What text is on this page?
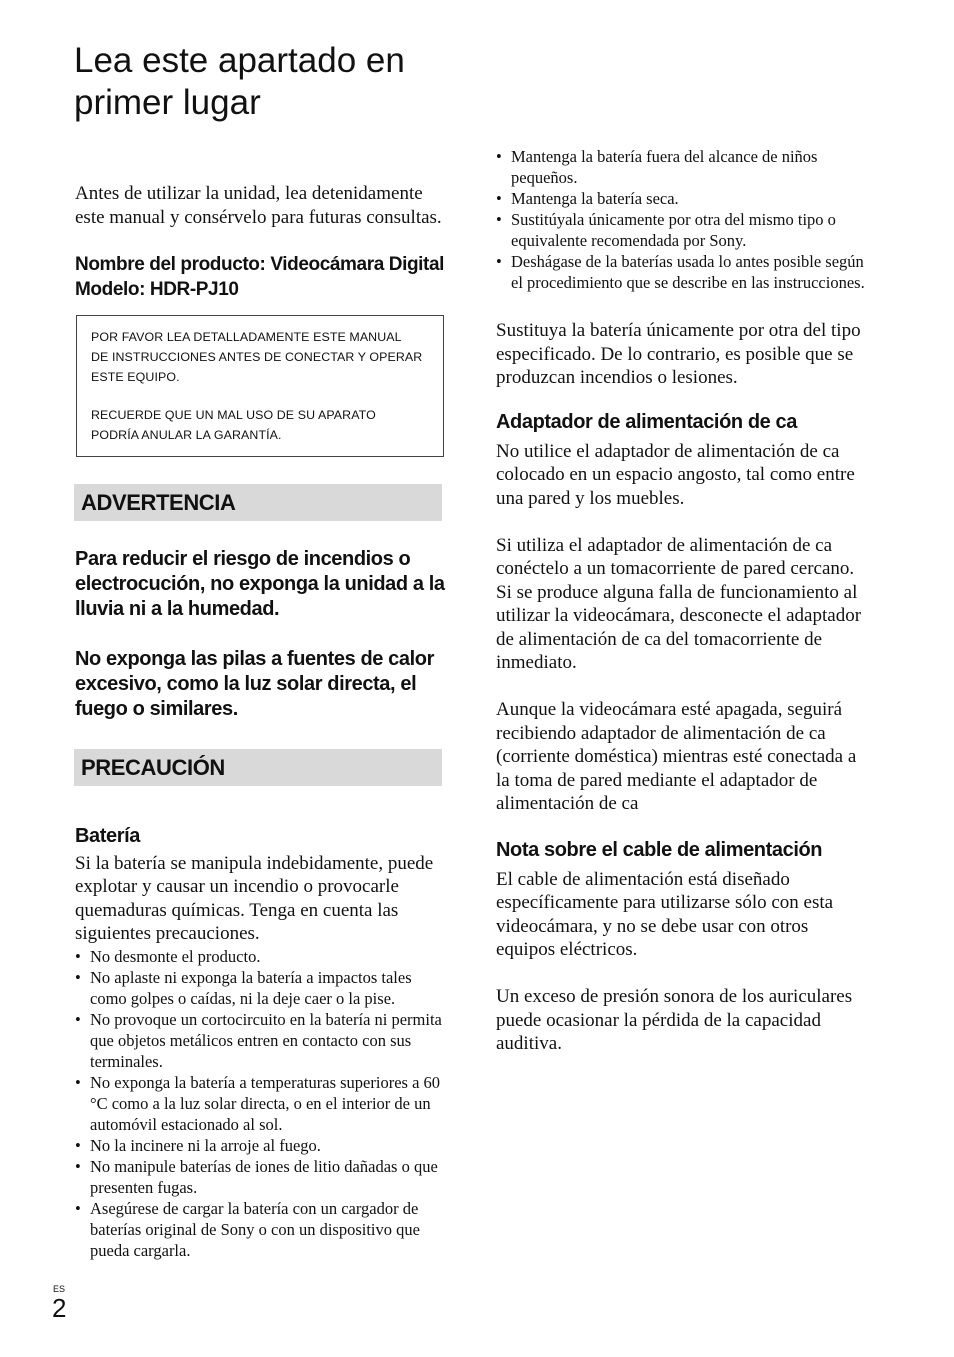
Lea este apartado en
primer lugar

Antes de utilizar la unidad, lea detenidamente este manual y consérvelo para futuras consultas.

Nombre del producto: Videocámara Digital
Modelo: HDR-PJ10
POR FAVOR LEA DETALLADAMENTE ESTE MANUAL
DE INSTRUCCIONES ANTES DE CONECTAR Y OPERAR
ESTE EQUIPO.
RECUERDE QUE UN MAL USO DE SU APARATO
PODRÍA ANULAR LA GARANTÍA.
ADVERTENCIA

Para reducir el riesgo de incendios o electrocución, no exponga la unidad a la lluvia ni a la humedad.

No exponga las pilas a fuentes de calor excesivo, como la luz solar directa, el fuego o similares.

PRECAUCIÓN
Batería

Si la batería se manipula indebidamente, puede explotar y causar un incendio o provocarle quemaduras químicas. Tenga en cuenta las siguientes precauciones.

• No desmonte el producto.
• No aplaste ni exponga la batería a impactos tales como golpes o caídas, ni la deje caer o la pise.
• No provoque un cortocircuito en la batería ni permita que objetos metálicos entren en contacto con sus terminales.
• No exponga la batería a temperaturas superiores a 60 °C como a la luz solar directa, o en el interior de un automóvil estacionado al sol.
• No la incinere ni la arroje al fuego.
• No manipule baterías de iones de litio dañadas o que presenten fugas.
• Asegúrese de cargar la batería con un cargador de baterías original de Sony o con un dispositivo que pueda cargarla.
• Mantenga la batería fuera del alcance de niños pequeños.
• Mantenga la batería seca.
• Sustitúyala únicamente por otra del mismo tipo o equivalente recomendada por Sony.
• Deshágase de la baterías usada lo antes posible según el procedimiento que se describe en las instrucciones.

Sustituya la batería únicamente por otra del tipo especificado. De lo contrario, es posible que se produzcan incendios o lesiones.

Adaptador de alimentación de ca

No utilice el adaptador de alimentación de ca colocado en un espacio angosto, tal como entre una pared y los muebles.

Si utiliza el adaptador de alimentación de ca conéctelo a un tomacorriente de pared cercano. Si se produce alguna falla de funcionamiento al utilizar la videocámara, desconecte el adaptador de alimentación de ca del tomacorriente de inmediato.

Aunque la videocámara esté apagada, seguirá recibiendo adaptador de alimentación de ca (corriente doméstica) mientras esté conectada a la toma de pared mediante el adaptador de alimentación de ca

Nota sobre el cable de alimentación

El cable de alimentación está diseñado específicamente para utilizarse sólo con esta videocámara, y no se debe usar con otros equipos eléctricos.

Un exceso de presión sonora de los auriculares puede ocasionar la pérdida de la capacidad auditiva.

ES
2
